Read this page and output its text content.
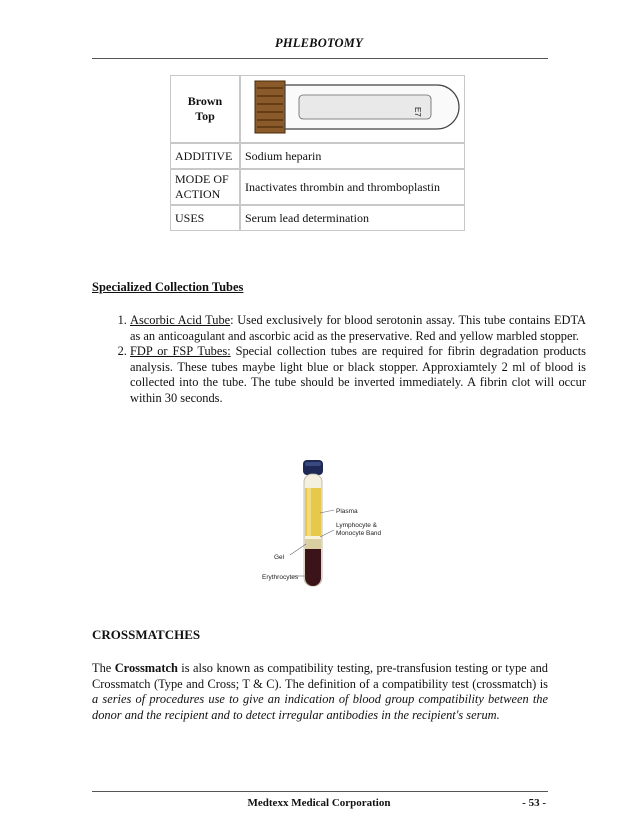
PHLEBOTOMY
Brown
Top	E7

ADDITIVE	Sodium heparin
MODE OF
ACTION	Inactivates thrombin and thromboplastin
USES	Serum lead determination
Specialized Collection Tubes
1. Ascorbic Acid Tube: Used exclusively for blood serotonin assay. This tube contains EDTA as an anticoagulant and ascorbic acid as the preservative. Red and yellow marbled stopper.
2. FDP or FSP Tubes: Special collection tubes are required for fibrin degradation products analysis. These tubes maybe light blue or black stopper. Approxiamtely 2 ml of blood is collected into the tube. The tube should be inverted immediately. A fibrin clot will occur within 30 seconds.
Plasma
Lymphocyte &
Monocyte Band
Gel
Erythrocytes
CROSSMATCHES

The Crossmatch is also known as compatibility testing, pre-transfusion testing or type and Crossmatch (Type and Cross; T & C). The definition of a compatibility test (crossmatch) is a series of procedures use to give an indication of blood group compatibility between the donor and the recipient and to detect irregular antibodies in the recipient's serum.

Medtexx Medical Corporation	- 53 -
